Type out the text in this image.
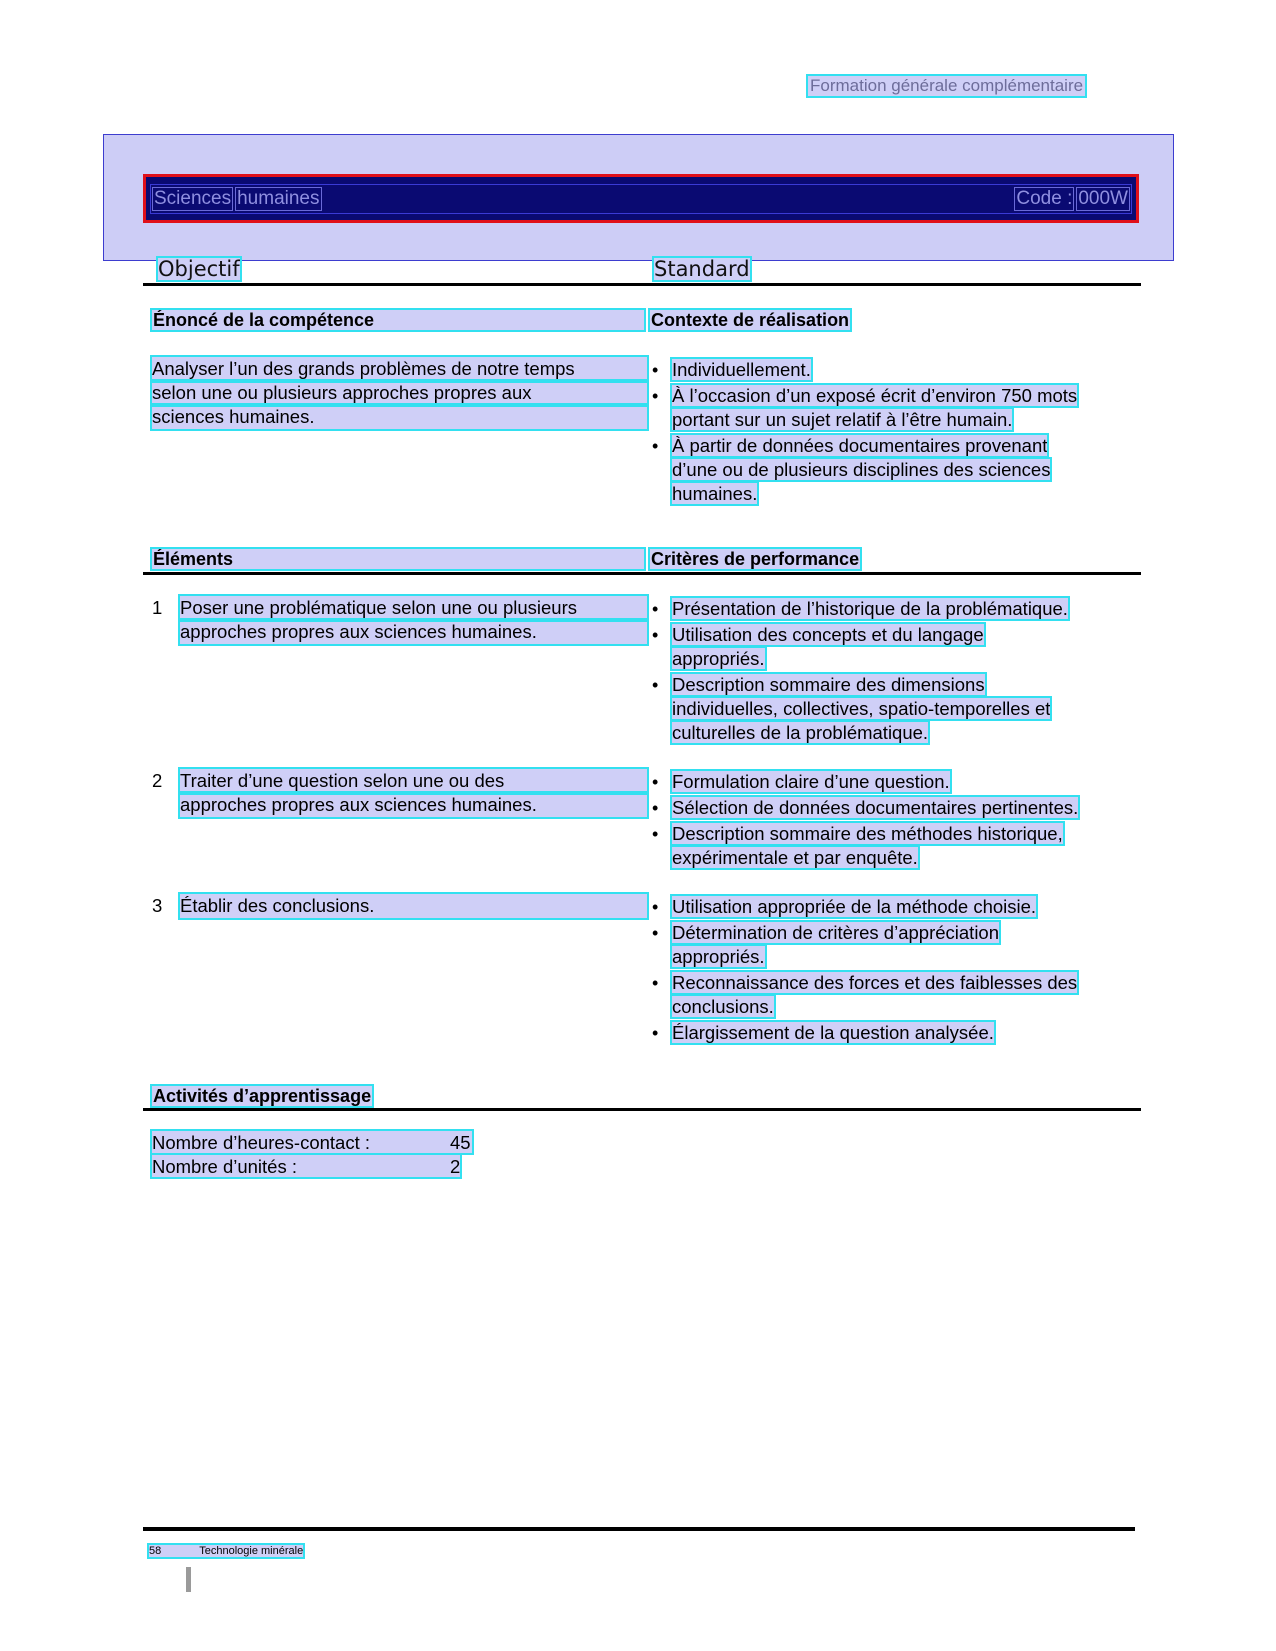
Formation générale complémentaire
Sciences humaines	Code : 000W
Objectif	Standard
Énoncé de la compétence	Contexte de réalisation
Analyser l’un des grands problèmes de notre temps
selon une ou plusieurs approches propres aux
sciences humaines.
• Individuellement.
• À l’occasion d’un exposé écrit d’environ 750 mots
portant sur un sujet relatif à l’être humain.
• À partir de données documentaires provenant
d’une ou de plusieurs disciplines des sciences
humaines.
Éléments	Critères de performance
1 Poser une problématique selon une ou plusieurs
approches propres aux sciences humaines.
• Présentation de l’historique de la problématique.
• Utilisation des concepts et du langage
appropriés.
• Description sommaire des dimensions
individuelles, collectives, spatio-temporelles et
culturelles de la problématique.
2 Traiter d’une question selon une ou des
approches propres aux sciences humaines.
• Formulation claire d’une question.
• Sélection de données documentaires pertinentes.
• Description sommaire des méthodes historique,
expérimentale et par enquête.
3 Établir des conclusions.
•	Utilisation appropriée de la méthode choisie.
• Détermination de critères d’appréciation
appropriés.
• Reconnaissance des forces et des faiblesses des
conclusions.
• Élargissement de la question analysée.
Activités d’apprentissage
Nombre d’heures-contact :	45
Nombre d’unités :	2
58	Technologie minérale
